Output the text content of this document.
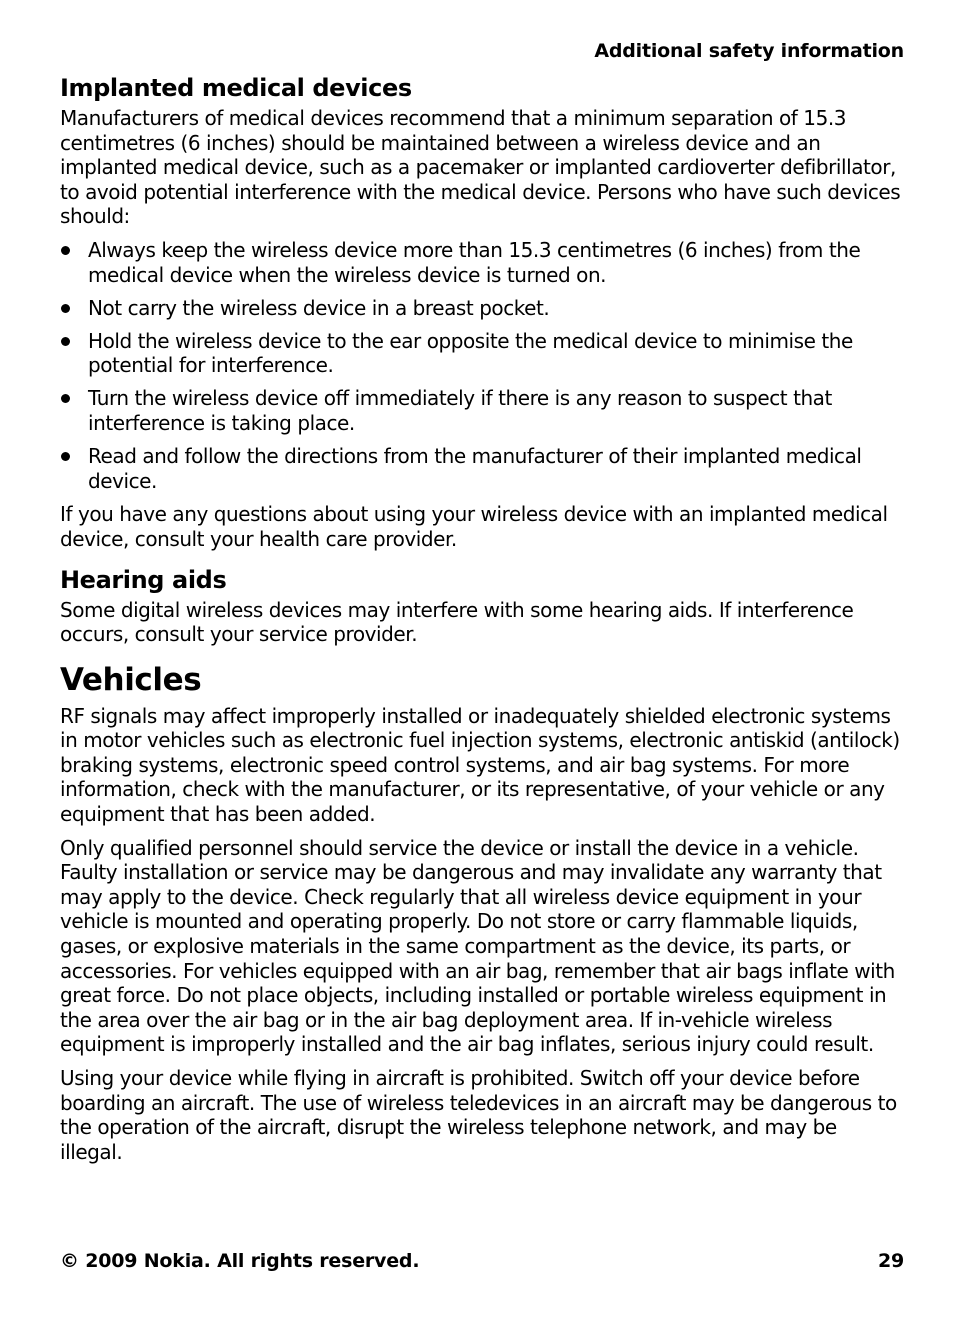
Additional safety information
Implanted medical devices

Manufacturers of medical devices recommend that a minimum separation of 15.3 centimetres (6 inches) should be maintained between a wireless device and an implanted medical device, such as a pacemaker or implanted cardioverter defibrillator, to avoid potential interference with the medical device. Persons who have such devices should:

Always keep the wireless device more than 15.3 centimetres (6 inches) from the medical device when the wireless device is turned on.
Not carry the wireless device in a breast pocket.
Hold the wireless device to the ear opposite the medical device to minimise the potential for interference.
Turn the wireless device off immediately if there is any reason to suspect that interference is taking place.
Read and follow the directions from the manufacturer of their implanted medical device.

If you have any questions about using your wireless device with an implanted medical device, consult your health care provider.

Hearing aids

Some digital wireless devices may interfere with some hearing aids. If interference occurs, consult your service provider.

Vehicles

RF signals may affect improperly installed or inadequately shielded electronic systems in motor vehicles such as electronic fuel injection systems, electronic antiskid (antilock) braking systems, electronic speed control systems, and air bag systems. For more information, check with the manufacturer, or its representative, of your vehicle or any equipment that has been added.

Only qualified personnel should service the device or install the device in a vehicle. Faulty installation or service may be dangerous and may invalidate any warranty that may apply to the device. Check regularly that all wireless device equipment in your vehicle is mounted and operating properly. Do not store or carry flammable liquids, gases, or explosive materials in the same compartment as the device, its parts, or accessories. For vehicles equipped with an air bag, remember that air bags inflate with great force. Do not place objects, including installed or portable wireless equipment in the area over the air bag or in the air bag deployment area. If in-vehicle wireless equipment is improperly installed and the air bag inflates, serious injury could result.

Using your device while flying in aircraft is prohibited. Switch off your device before boarding an aircraft. The use of wireless teledevices in an aircraft may be dangerous to the operation of the aircraft, disrupt the wireless telephone network, and may be illegal.

© 2009 Nokia. All rights reserved.	29
